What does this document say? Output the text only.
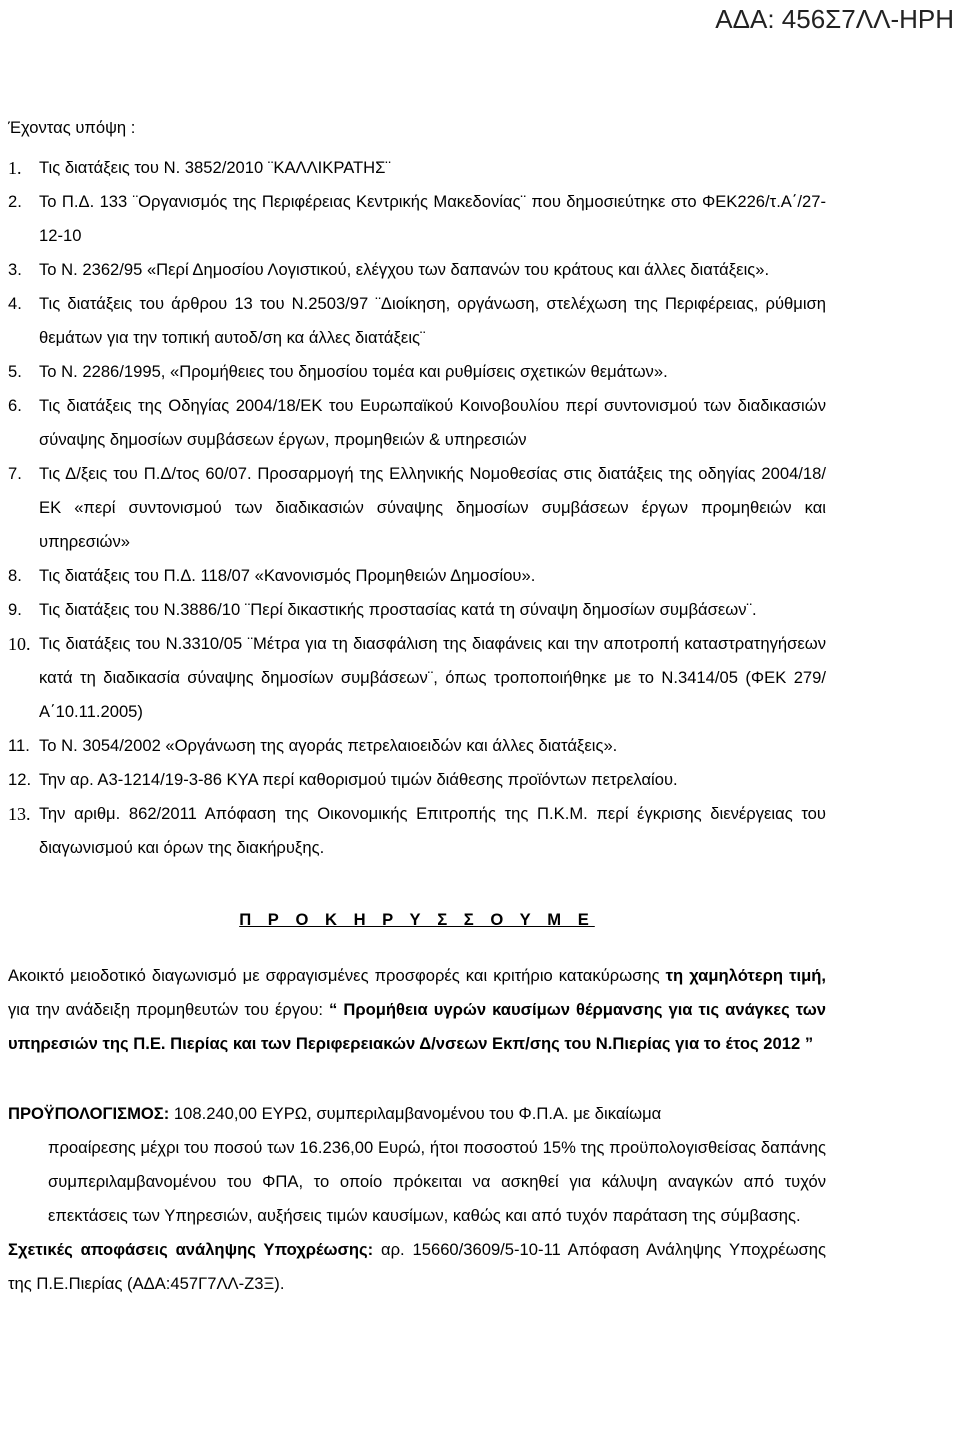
ΑΔΑ: 456Σ7ΛΛ-ΗΡΗ
Έχοντας υπόψη :
1.	Τις διατάξεις του Ν. 3852/2010 ¨ΚΑΛΛΙΚΡΑΤΗΣ¨
2.	Το Π.Δ. 133 ¨Οργανισμός της Περιφέρειας Κεντρικής Μακεδονίας¨ που δημοσιεύτηκε στο ΦΕΚ226/τ.Α΄/27-12-10
3.	Το Ν. 2362/95 «Περί Δημοσίου Λογιστικού, ελέγχου των δαπανών του κράτους και άλλες διατάξεις».
4.	Τις διατάξεις του άρθρου 13 του Ν.2503/97 ¨Διοίκηση, οργάνωση, στελέχωση της Περιφέρειας, ρύθμιση θεμάτων για την τοπική αυτοδ/ση κα άλλες διατάξεις¨
5.	Το Ν. 2286/1995, «Προμήθειες του δημοσίου τομέα και ρυθμίσεις σχετικών θεμάτων».
6.	Τις διατάξεις της Οδηγίας 2004/18/ΕΚ του Ευρωπαϊκού Κοινοβουλίου περί συντονισμού των διαδικασιών σύναψης δημοσίων συμβάσεων έργων, προμηθειών & υπηρεσιών
7.	Τις Δ/ξεις του Π.Δ/τος 60/07. Προσαρμογή της Ελληνικής Νομοθεσίας στις διατάξεις της οδηγίας 2004/18/ΕΚ «περί συντονισμού των διαδικασιών σύναψης δημοσίων συμβάσεων έργων προμηθειών και υπηρεσιών»
8.	Τις διατάξεις του Π.Δ. 118/07 «Κανονισμός Προμηθειών Δημοσίου».
9.	Τις διατάξεις του Ν.3886/10 ¨Περί δικαστικής προστασίας κατά τη σύναψη δημοσίων συμβάσεων¨.
10. Τις διατάξεις του Ν.3310/05 ¨Μέτρα για τη διασφάλιση της διαφάνεις και την αποτροπή καταστρατηγήσεων κατά τη διαδικασία σύναψης δημοσίων συμβάσεων¨, όπως τροποποιήθηκε με το Ν.3414/05 (ΦΕΚ 279/Α΄10.11.2005)
11. Το Ν. 3054/2002 «Οργάνωση της αγοράς πετρελαιοειδών και άλλες διατάξεις».
12. Την αρ. Α3-1214/19-3-86 ΚΥΑ περί καθορισμού τιμών διάθεσης προϊόντων πετρελαίου.
13. Την αριθμ. 862/2011 Απόφαση της Οικονομικής Επιτροπής της Π.Κ.Μ. περί έγκρισης διενέργειας του διαγωνισμού και όρων της διακήρυξης.
Π Ρ Ο Κ Η Ρ Υ Σ Σ Ο Υ Μ Ε
Ακοικτό μειοδοτικό διαγωνισμό με σφραγισμένες προσφορές και κριτήριο κατακύρωσης τη χαμηλότερη τιμή, για την ανάδειξη προμηθευτών του έργου: “ Προμήθεια υγρών καυσίμων θέρμανσης για τις ανάγκες των υπηρεσιών της Π.Ε. Πιερίας και των Περιφερειακών Δ/νσεων Εκπ/σης του Ν.Πιερίας για το έτος 2012 ”
ΠΡΟΫΠΟΛΟΓΙΣΜΟΣ: 108.240,00 ΕΥΡΩ, συμπεριλαμβανομένου του Φ.Π.Α. με δικαίωμα
προαίρεσης μέχρι του ποσού των 16.236,00 Ευρώ, ήτοι ποσοστού 15% της προϋπολογισθείσας δαπάνης συμπεριλαμβανομένου του ΦΠΑ, το οποίο πρόκειται να ασκηθεί για κάλυψη αναγκών από τυχόν επεκτάσεις των Υπηρεσιών, αυξήσεις τιμών καυσίμων, καθώς και από τυχόν παράταση της σύμβασης.
Σχετικές αποφάσεις ανάληψης Υποχρέωσης: αρ. 15660/3609/5-10-11 Απόφαση Ανάληψης Υποχρέωσης της Π.Ε.Πιερίας (ΑΔΑ:457Γ7ΛΛ-Ζ3Ξ).
